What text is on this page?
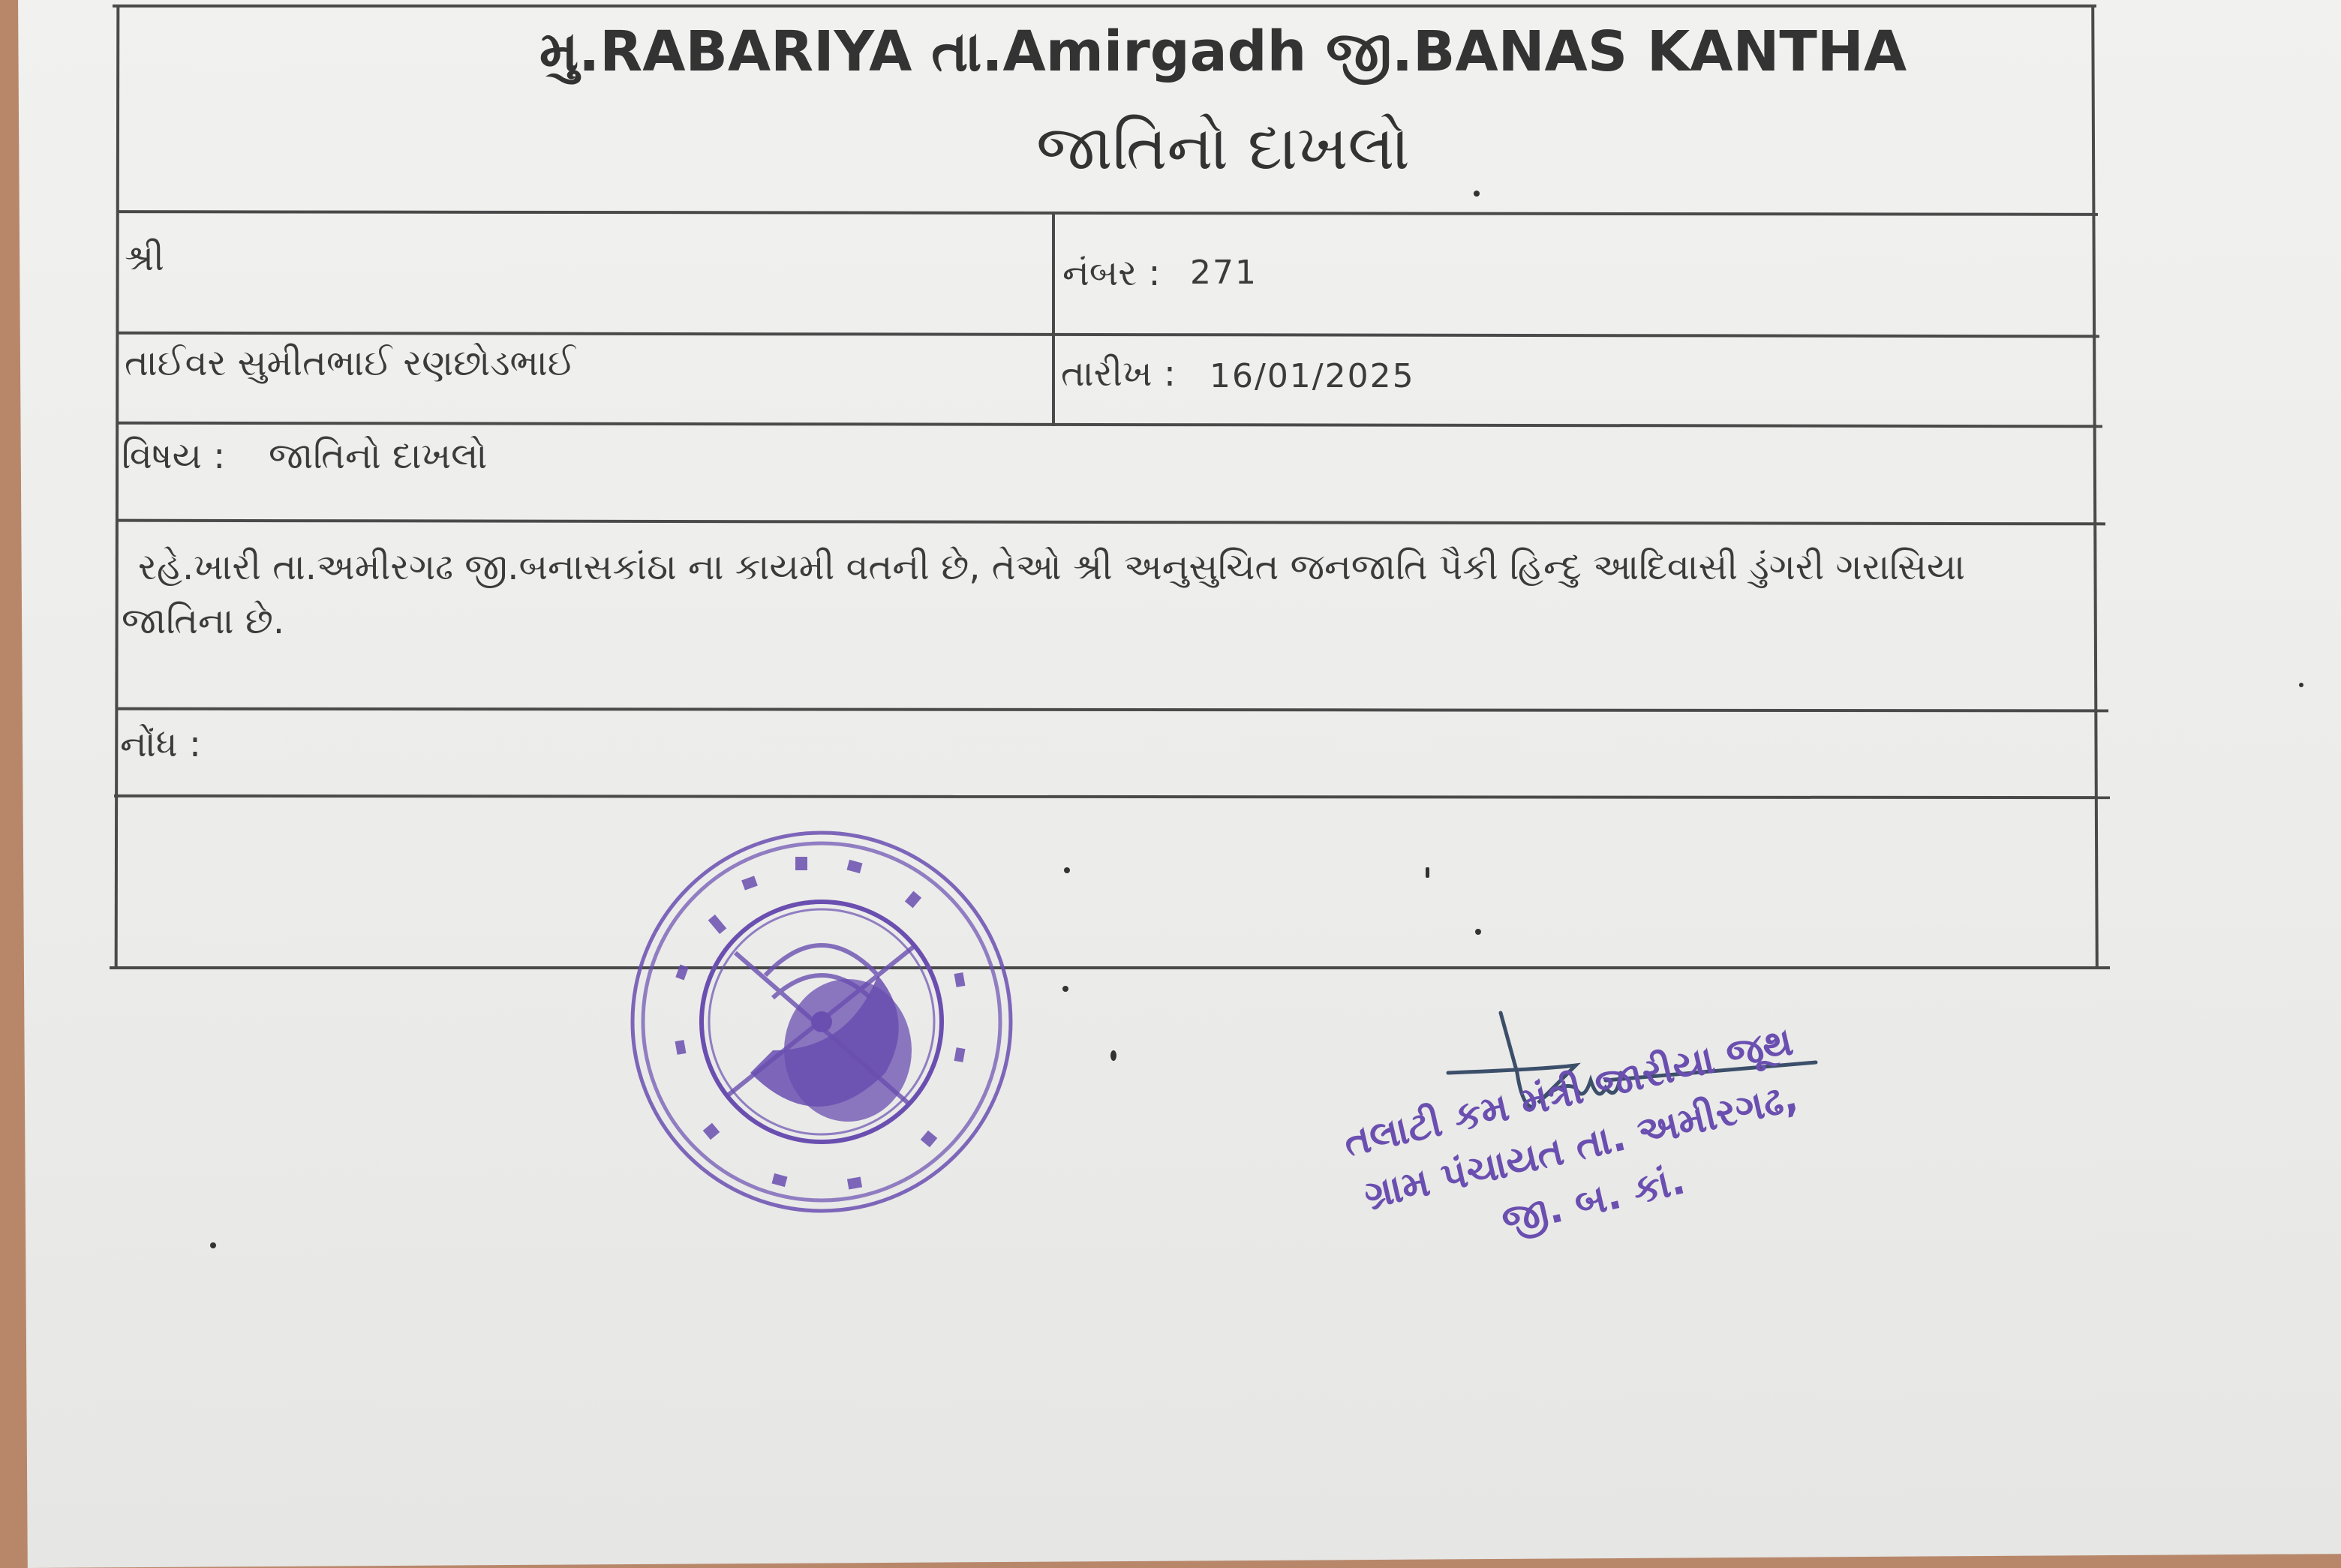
મુ.RABARIYA તા.Amirgadh જી.BANAS KANTHA
જાતિનો દાખલો
શ્રી	નંબર : 271
તાઈવર સુમીતભાઈ રણછોડભાઈ	તારીખ : 16/01/2025
વિષય : જાતિનો દાખલો
રહે.ખારી તા.અમીરગઢ જી.બનાસકાંઠા ના કાયમી વતની છે, તેઓ શ્રી અનુસુચિત જનજાતિ પૈકી હિન્દુ આદિવાસી ડુંગરી ગરાસિયા જાતિના છે.
નોંધ :
તલાટી કમ મંત્રી જારીયા જૂથ ગ્રામ પંચાયત તા. અમીરગઢ, જી. બ. કાં.
